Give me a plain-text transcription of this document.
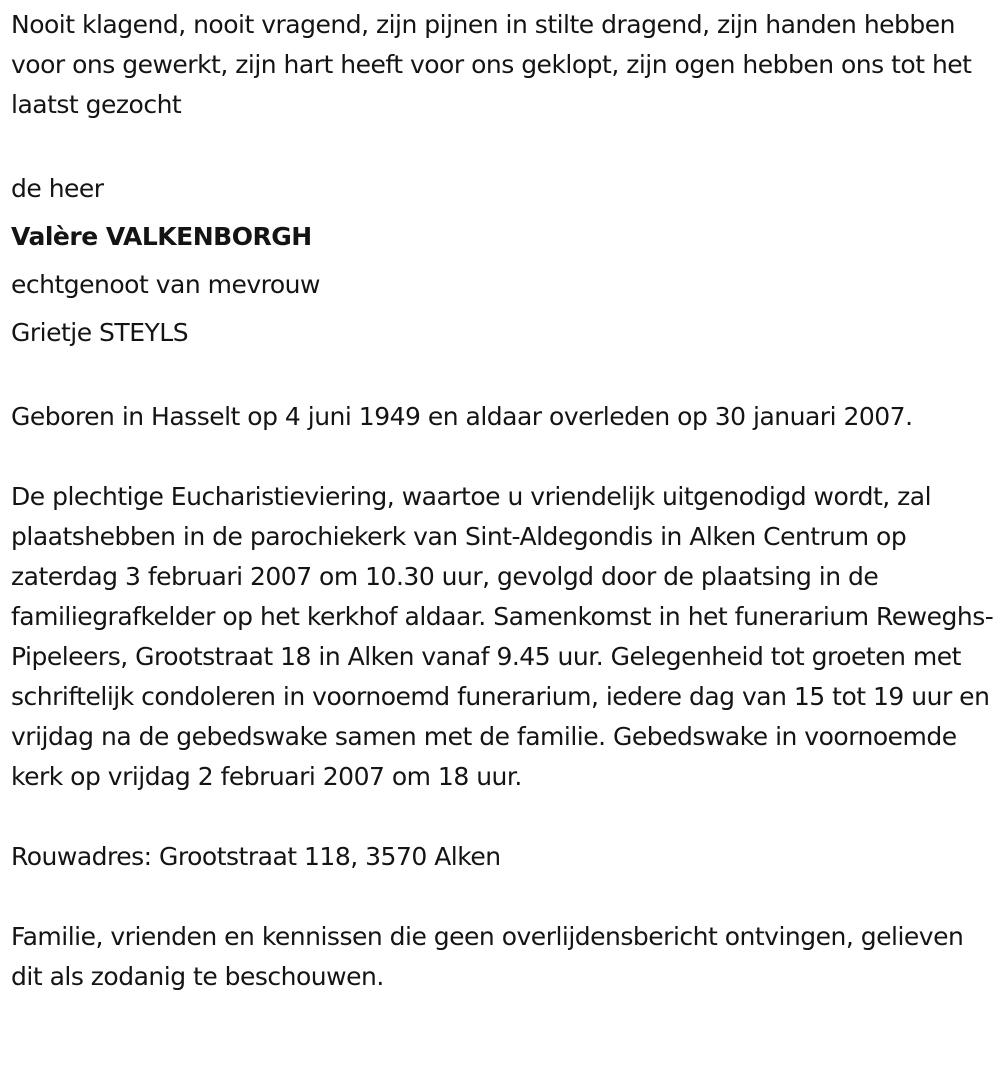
Nooit klagend, nooit vragend, zijn pijnen in stilte dragend, zijn handen hebben voor ons gewerkt, zijn hart heeft voor ons geklopt, zijn ogen hebben ons tot het laatst gezocht

de heer

Valère VALKENBORGH

echtgenoot van mevrouw

Grietje STEYLS

Geboren in Hasselt op 4 juni 1949 en aldaar overleden op 30 januari 2007.

De plechtige Eucharistieviering, waartoe u vriendelijk uitgenodigd wordt, zal plaatshebben in de parochiekerk van Sint-Aldegondis in Alken Centrum op zaterdag 3 februari 2007 om 10.30 uur, gevolgd door de plaatsing in de familiegrafkelder op het kerkhof aldaar. Samenkomst in het funerarium Reweghs-Pipeleers, Grootstraat 18 in Alken vanaf 9.45 uur. Gelegenheid tot groeten met schriftelijk condoleren in voornoemd funerarium, iedere dag van 15 tot 19 uur en vrijdag na de gebedswake samen met de familie. Gebedswake in voornoemde kerk op vrijdag 2 februari 2007 om 18 uur.

Rouwadres: Grootstraat 118, 3570 Alken

Familie, vrienden en kennissen die geen overlijdensbericht ontvingen, gelieven dit als zodanig te beschouwen.
